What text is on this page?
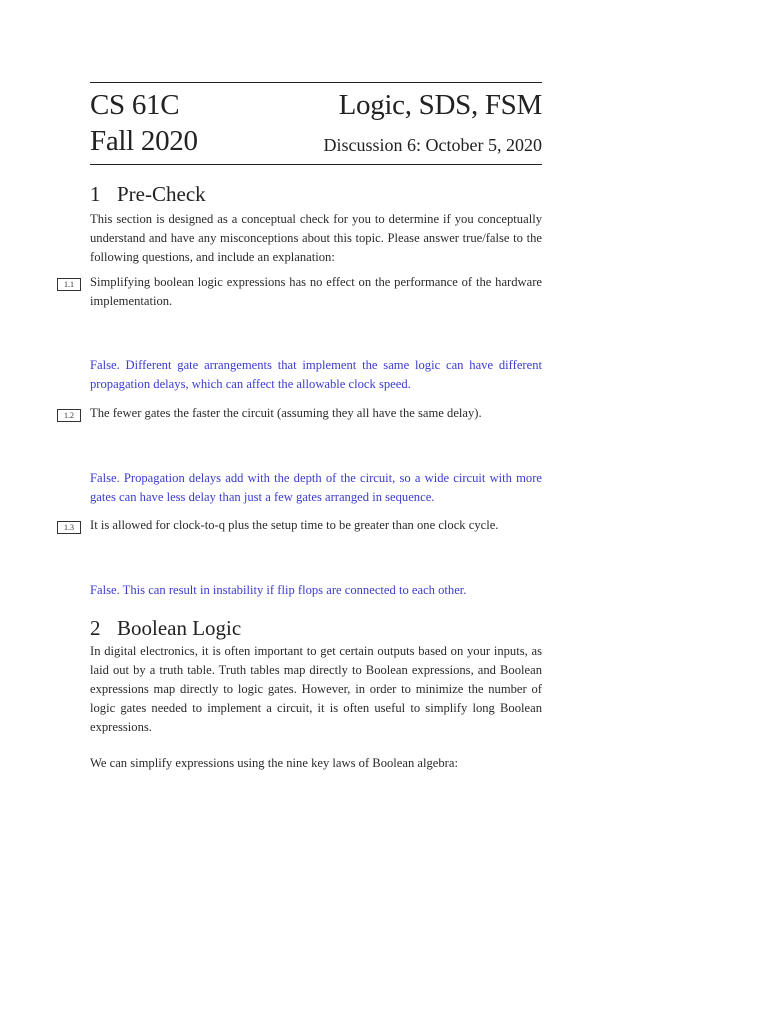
CS 61C	Logic, SDS, FSM
Fall 2020	Discussion 6: October 5, 2020
1 Pre-Check
This section is designed as a conceptual check for you to determine if you conceptually understand and have any misconceptions about this topic. Please answer true/false to the following questions, and include an explanation:
1.1	Simplifying boolean logic expressions has no effect on the performance of the hardware implementation.
False. Different gate arrangements that implement the same logic can have different propagation delays, which can affect the allowable clock speed.
1.2	The fewer gates the faster the circuit (assuming they all have the same delay).
False. Propagation delays add with the depth of the circuit, so a wide circuit with more gates can have less delay than just a few gates arranged in sequence.
1.3	It is allowed for clock-to-q plus the setup time to be greater than one clock cycle.
False. This can result in instability if flip flops are connected to each other.
2 Boolean Logic
In digital electronics, it is often important to get certain outputs based on your inputs, as laid out by a truth table. Truth tables map directly to Boolean expressions, and Boolean expressions map directly to logic gates. However, in order to minimize the number of logic gates needed to implement a circuit, it is often useful to simplify long Boolean expressions.
We can simplify expressions using the nine key laws of Boolean algebra:
